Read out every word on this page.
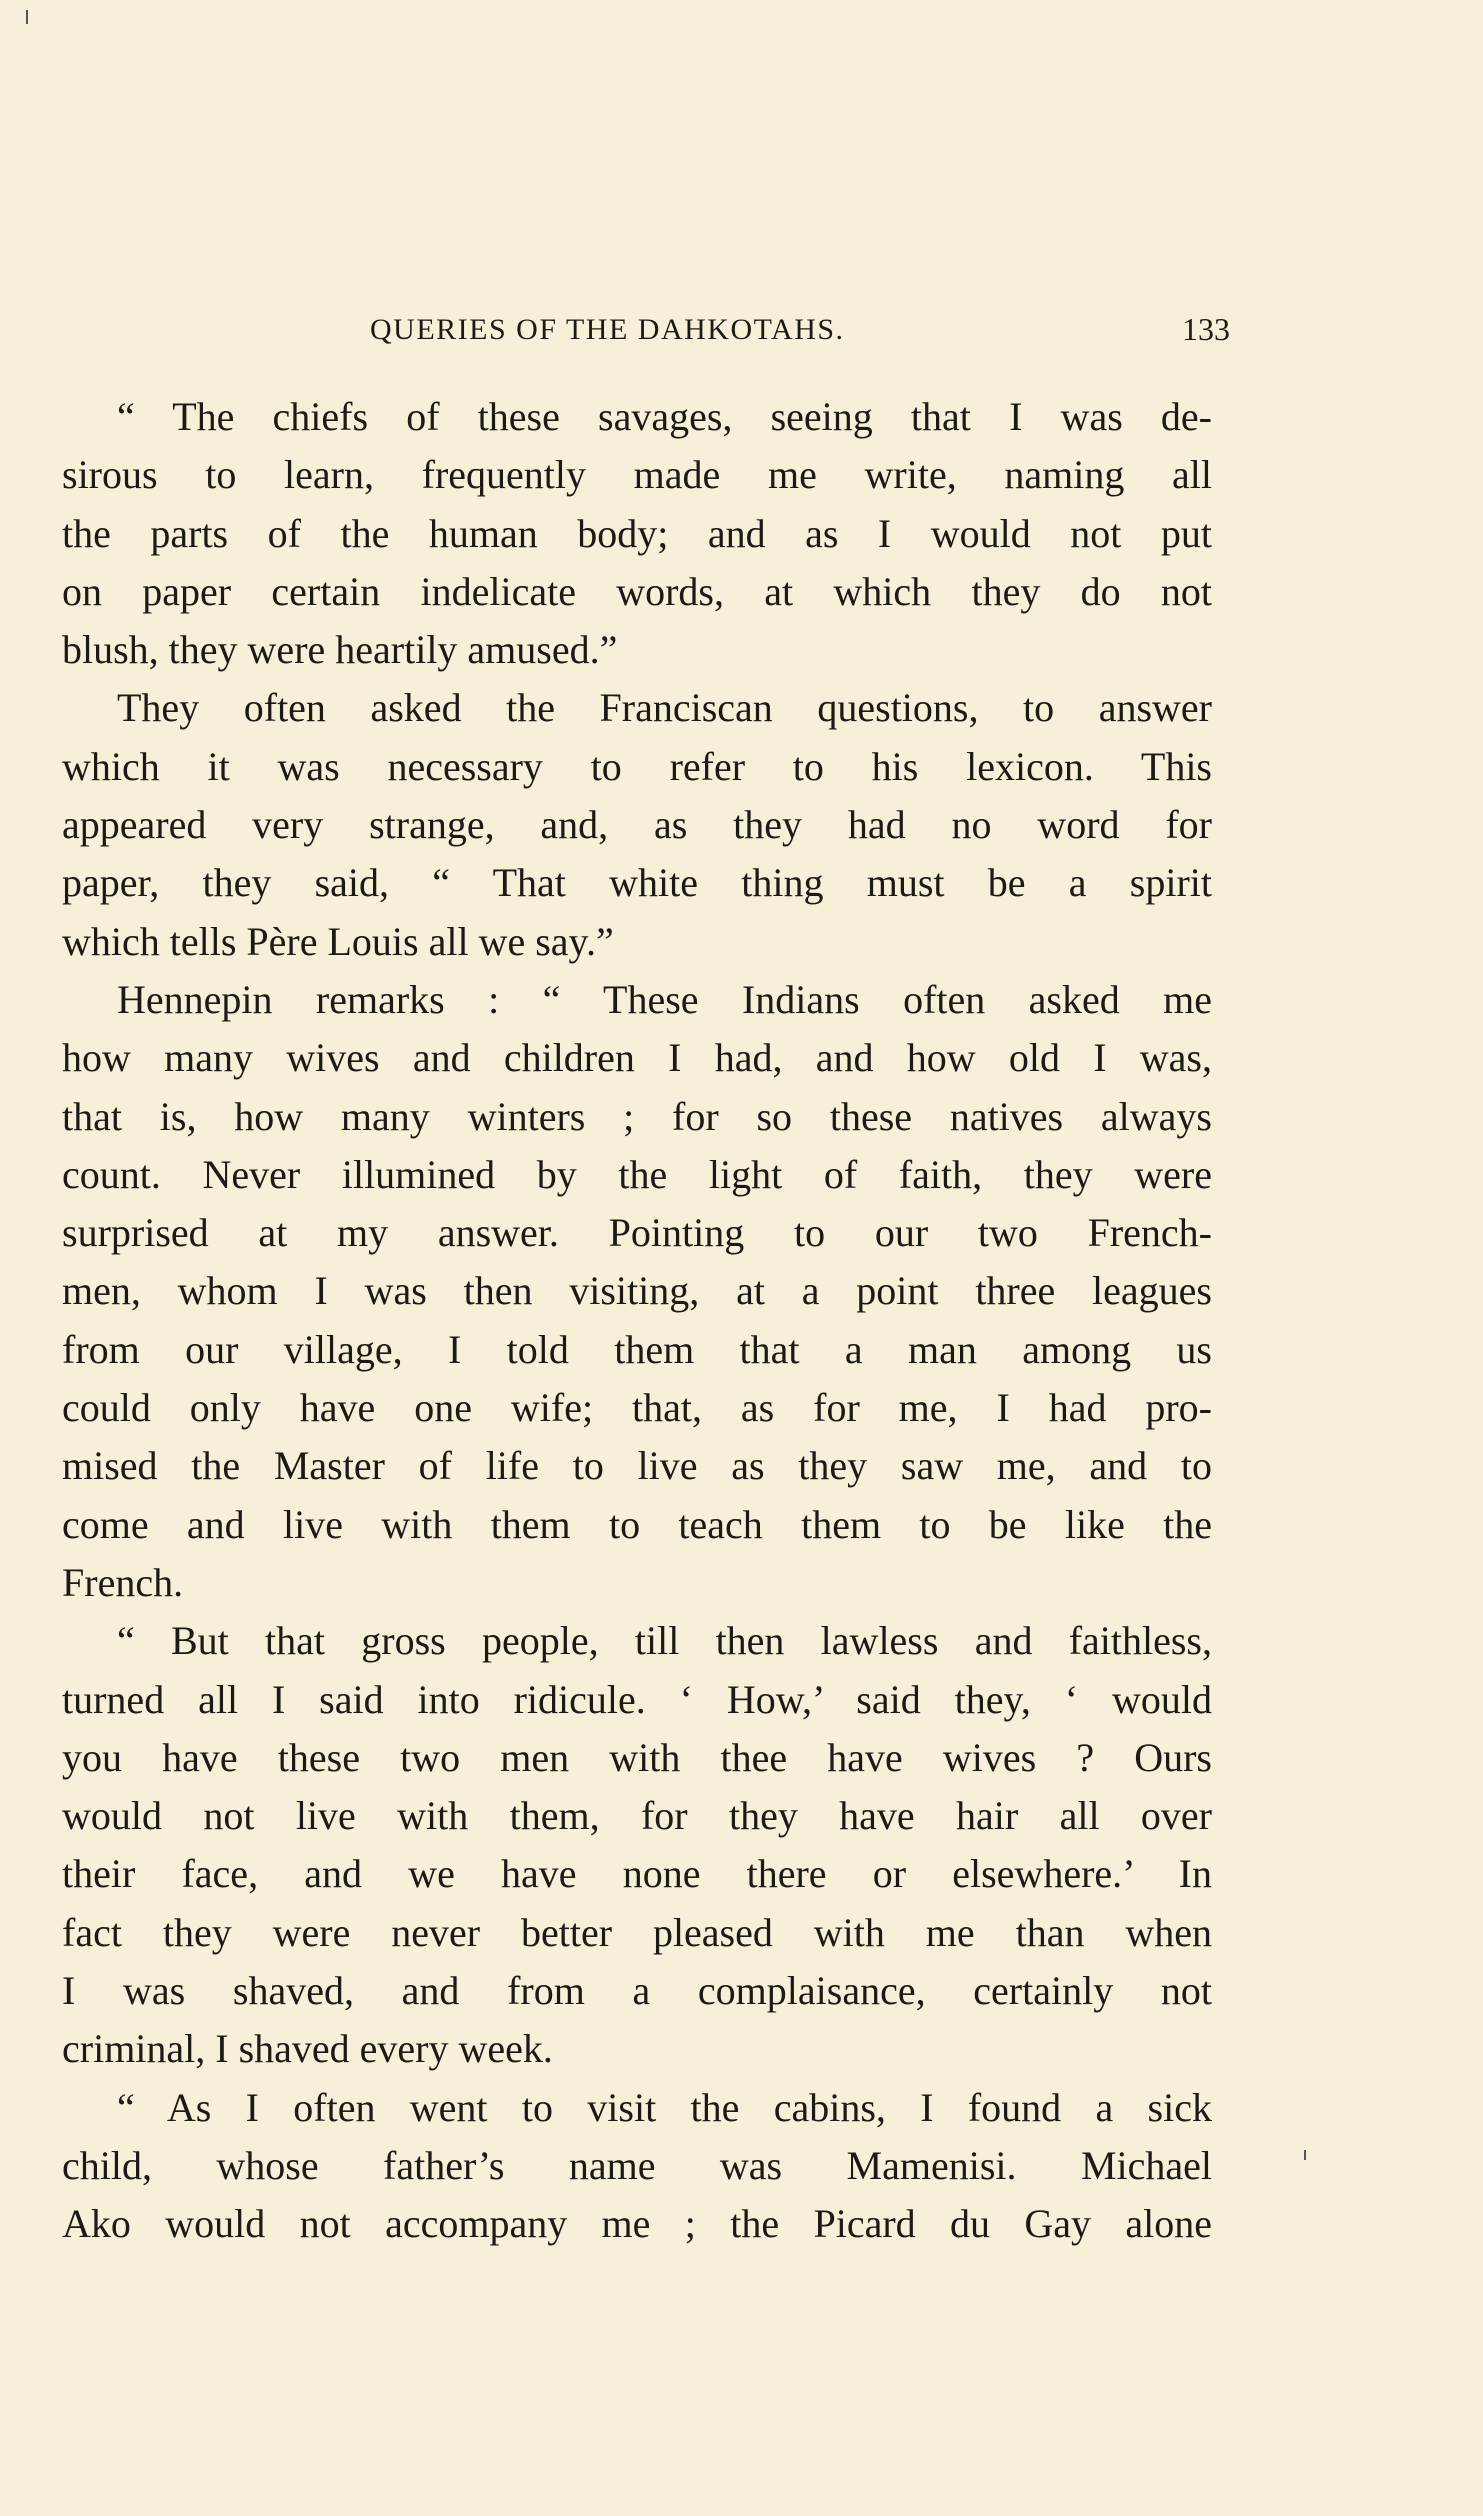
QUERIES OF THE DAHKOTAHS.	133
“ The chiefs of these savages, seeing that I was de-
sirous to learn, frequently made me write, naming all
the parts of the human body; and as I would not put
on paper certain indelicate words, at which they do not
blush, they were heartily amused.”
They often asked the Franciscan questions, to answer
which it was necessary to refer to his lexicon. This
appeared very strange, and, as they had no word for
paper, they said, “ That white thing must be a spirit
which tells Père Louis all we say.”
Hennepin remarks : “ These Indians often asked me
how many wives and children I had, and how old I was,
that is, how many winters ; for so these natives always
count. Never illumined by the light of faith, they were
surprised at my answer. Pointing to our two French-
men, whom I was then visiting, at a point three leagues
from our village, I told them that a man among us
could only have one wife; that, as for me, I had pro-
mised the Master of life to live as they saw me, and to
come and live with them to teach them to be like the
French.
“ But that gross people, till then lawless and faithless,
turned all I said into ridicule. ‘ How,’ said they, ‘ would
you have these two men with thee have wives ? Ours
would not live with them, for they have hair all over
their face, and we have none there or elsewhere.’ In
fact they were never better pleased with me than when
I was shaved, and from a complaisance, certainly not
criminal, I shaved every week.
“ As I often went to visit the cabins, I found a sick
child, whose father’s name was Mamenisi. Michael
Ako would not accompany me ; the Picard du Gay alone
